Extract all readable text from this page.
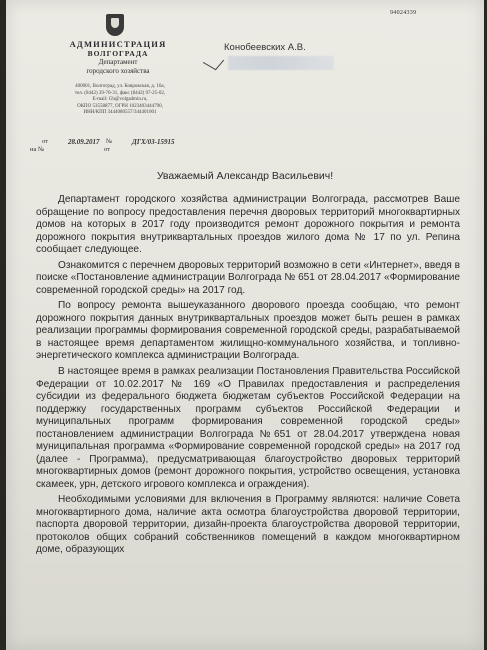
94024339
АДМИНИСТРАЦИЯ
ВОЛГОГРАДА
Департамент
городского хозяйства
400001, Волгоград, ул. Ковровская, д. 16а,
тел. (8442) 39-70-31, факс (8442) 97-25-02,
E-mail: Gh@volgadmin.ru,
ОКПО 53558877, ОГРН 1023403444790,
ИНН/КПП 3444080557/344401001
от	28.09.2017 №	ДГХ/03-15915
на №	от
Конобеевских А.В.
Уважаемый Александр Васильевич!

Департамент городского хозяйства администрации Волгограда, рассмотрев Ваше обращение по вопросу предоставления перечня дворовых территорий многоквартирных домов на которых в 2017 году производится ремонт дорожного покрытия и ремонта дорожного покрытия внутриквартальных проездов жилого дома № 17 по ул. Репина сообщает следующее.

Ознакомится с перечнем дворовых территорий возможно в сети «Интернет», введя в поиске «Постановление администрации Волгограда № 651 от 28.04.2017 «Формирование современной городской среды» на 2017 год.

По вопросу ремонта вышеуказанного дворового проезда сообщаю, что ремонт дорожного покрытия данных внутриквартальных проездов может быть решен в рамках реализации программы формирования современной городской среды, разрабатываемой в настоящее время департаментом жилищно-коммунального хозяйства, и топливно-энергетического комплекса администрации Волгограда.

В настоящее время в рамках реализации Постановления Правительства Российской Федерации от 10.02.2017 № 169 «О Правилах предоставления и распределения субсидии из федерального бюджета бюджетам субъектов Российской Федерации на поддержку государственных программ субъектов Российской Федерации и муниципальных программ формирования современной городской среды» постановлением администрации Волгограда №651 от 28.04.2017 утверждена новая муниципальная программа «Формирование современной городской среды» на 2017 год (далее - Программа), предусматривающая благоустройство дворовых территорий многоквартирных домов (ремонт дорожного покрытия, устройство освещения, установка скамеек, урн, детского игрового комплекса и ограждения).

Необходимыми условиями для включения в Программу являются: наличие Совета многоквартирного дома, наличие акта осмотра благоустройства дворовой территории, паспорта дворовой территории, дизайн-проекта благоустройства дворовой территории, протоколов общих собраний собственников помещений в каждом многоквартирном доме, образующих
